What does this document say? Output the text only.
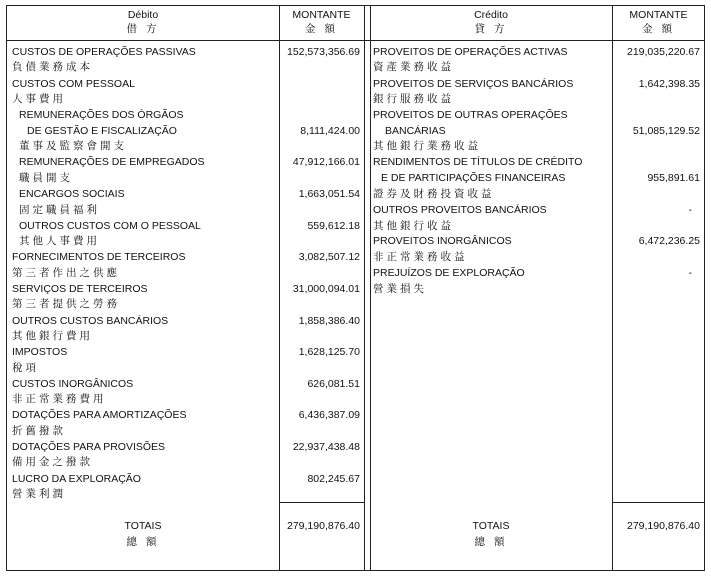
Débito
借 方
MONTANTE
金 額
Crédito
貸 方
MONTANTE
金 額
CUSTOS DE OPERAÇÕES PASSIVAS
負債業務成本
152,573,356.69
CUSTOS COM PESSOAL
人事費用
REMUNERAÇÕES DOS ÓRGÃOS
DE GESTÃO E FISCALIZAÇÃO
董事及監察會開支
8,111,424.00
REMUNERAÇÕES DE EMPREGADOS
職員開支
47,912,166.01
ENCARGOS SOCIAIS
固定職員福利
1,663,051.54
OUTROS CUSTOS COM O PESSOAL
其他人事費用
559,612.18
FORNECIMENTOS DE TERCEIROS
第三者作出之供應
3,082,507.12
SERVIÇOS DE TERCEIROS
第三者提供之勞務
31,000,094.01
OUTROS CUSTOS BANCÁRIOS
其他銀行費用
1,858,386.40
IMPOSTOS
稅項
1,628,125.70
CUSTOS INORGÂNICOS
非正常業務費用
626,081.51
DOTAÇÕES PARA AMORTIZAÇÕES
折舊撥款
6,436,387.09
DOTAÇÕES PARA PROVISÕES
備用金之撥款
22,937,438.48
LUCRO DA EXPLORAÇÃO
營業利潤
802,245.67
PROVEITOS DE OPERAÇÕES ACTIVAS
資產業務收益
219,035,220.67
PROVEITOS DE SERVIÇOS BANCÁRIOS
銀行服務收益
1,642,398.35
PROVEITOS DE OUTRAS OPERAÇÕES
BANCÁRIAS
其他銀行業務收益
51,085,129.52
RENDIMENTOS DE TÍTULOS DE CRÉDITO
E DE PARTICIPAÇÕES FINANCEIRAS
證券及財務投資收益
955,891.61
OUTROS PROVEITOS BANCÁRIOS
其他銀行收益
-
PROVEITOS INORGÂNICOS
非正常業務收益
6,472,236.25
PREJUÍZOS DE EXPLORAÇÃO
營業損失
-
TOTAIS
總 額
279,190,876.40	TOTAIS
總 額
279,190,876.40
